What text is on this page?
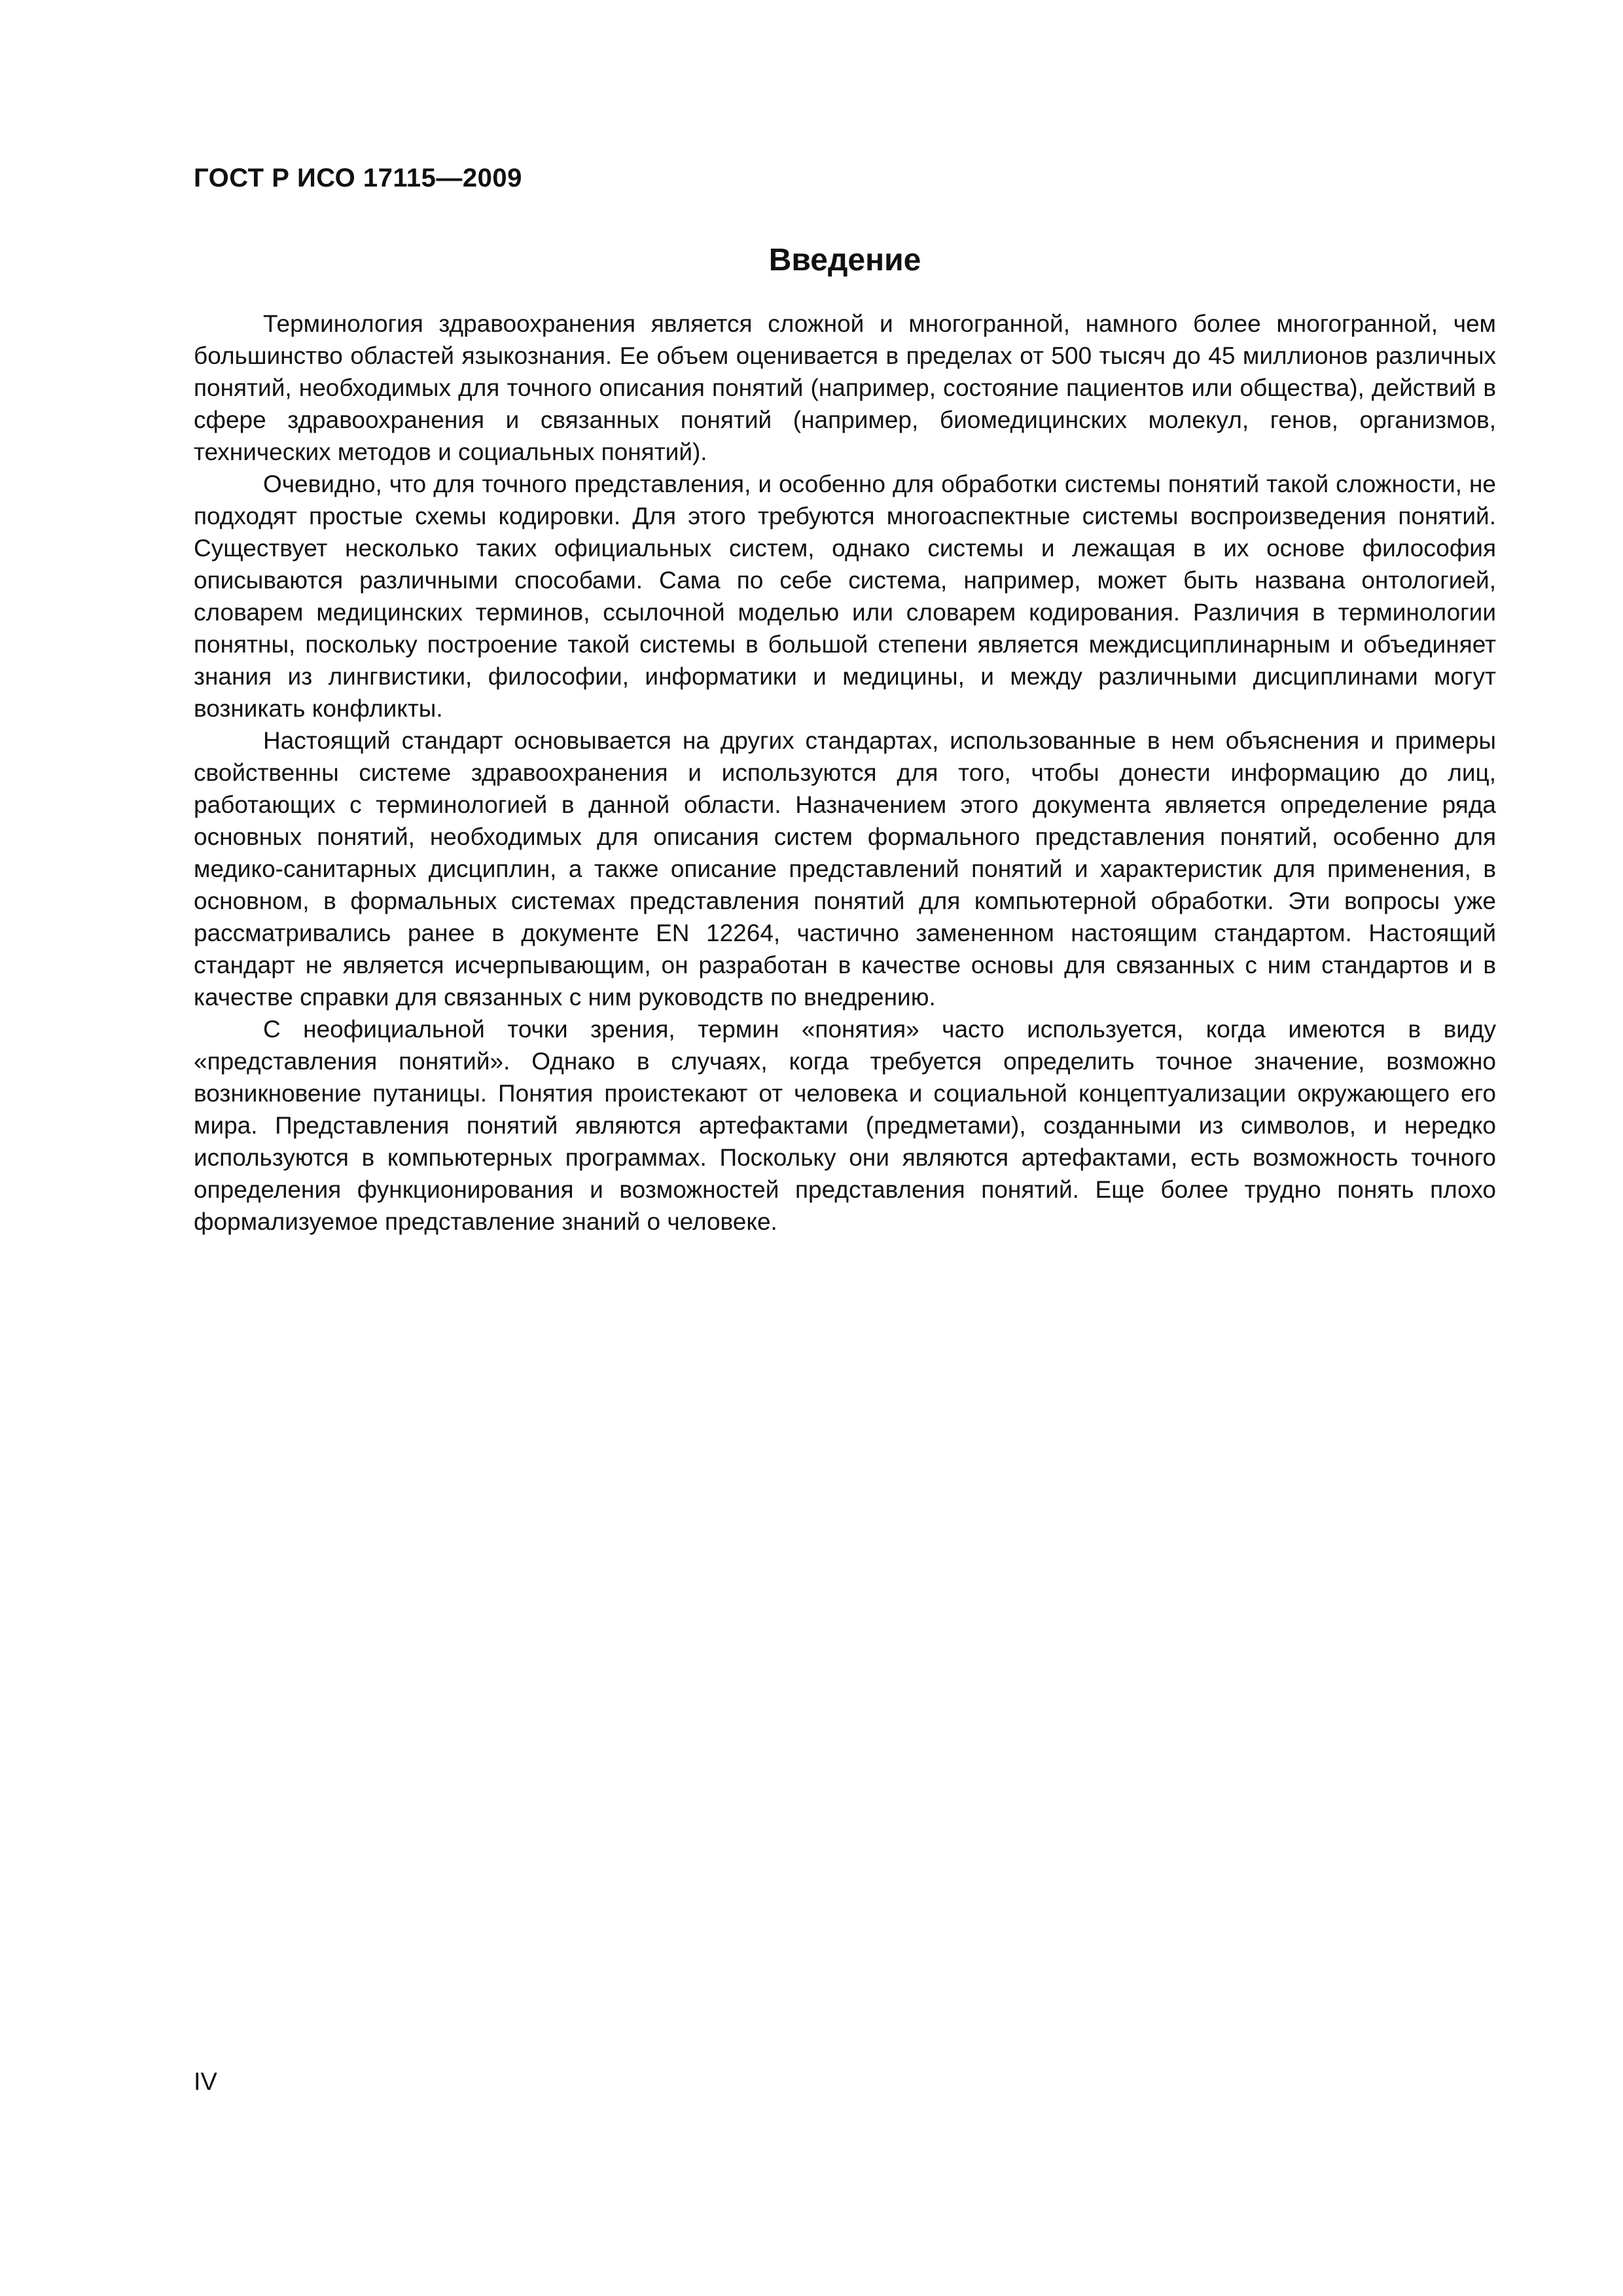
ГОСТ Р ИСО 17115—2009
Введение

Терминология здравоохранения является сложной и многогранной, намного более многогранной, чем большинство областей языкознания. Ее объем оценивается в пределах от 500 тысяч до 45 миллионов различных понятий, необходимых для точного описания понятий (например, состояние пациентов или общества), действий в сфере здравоохранения и связанных понятий (например, биомедицинских молекул, генов, организмов, технических методов и социальных понятий).

Очевидно, что для точного представления, и особенно для обработки системы понятий такой сложности, не подходят простые схемы кодировки. Для этого требуются многоаспектные системы воспроизведения понятий. Существует несколько таких официальных систем, однако системы и лежащая в их основе философия описываются различными способами. Сама по себе система, например, может быть названа онтологией, словарем медицинских терминов, ссылочной моделью или словарем кодирования. Различия в терминологии понятны, поскольку построение такой системы в большой степени является междисциплинарным и объединяет знания из лингвистики, философии, информатики и медицины, и между различными дисциплинами могут возникать конфликты.

Настоящий стандарт основывается на других стандартах, использованные в нем объяснения и примеры свойственны системе здравоохранения и используются для того, чтобы донести информацию до лиц, работающих с терминологией в данной области. Назначением этого документа является определение ряда основных понятий, необходимых для описания систем формального представления понятий, особенно для медико-санитарных дисциплин, а также описание представлений понятий и характеристик для применения, в основном, в формальных системах представления понятий для компьютерной обработки. Эти вопросы уже рассматривались ранее в документе EN 12264, частично замененном настоящим стандартом. Настоящий стандарт не является исчерпывающим, он разработан в качестве основы для связанных с ним стандартов и в качестве справки для связанных с ним руководств по внедрению.

С неофициальной точки зрения, термин «понятия» часто используется, когда имеются в виду «представления понятий». Однако в случаях, когда требуется определить точное значение, возможно возникновение путаницы. Понятия проистекают от человека и социальной концептуализации окружающего его мира. Представления понятий являются артефактами (предметами), созданными из символов, и нередко используются в компьютерных программах. Поскольку они являются артефактами, есть возможность точного определения функционирования и возможностей представления понятий. Еще более трудно понять плохо формализуемое представление знаний о человеке.

IV
